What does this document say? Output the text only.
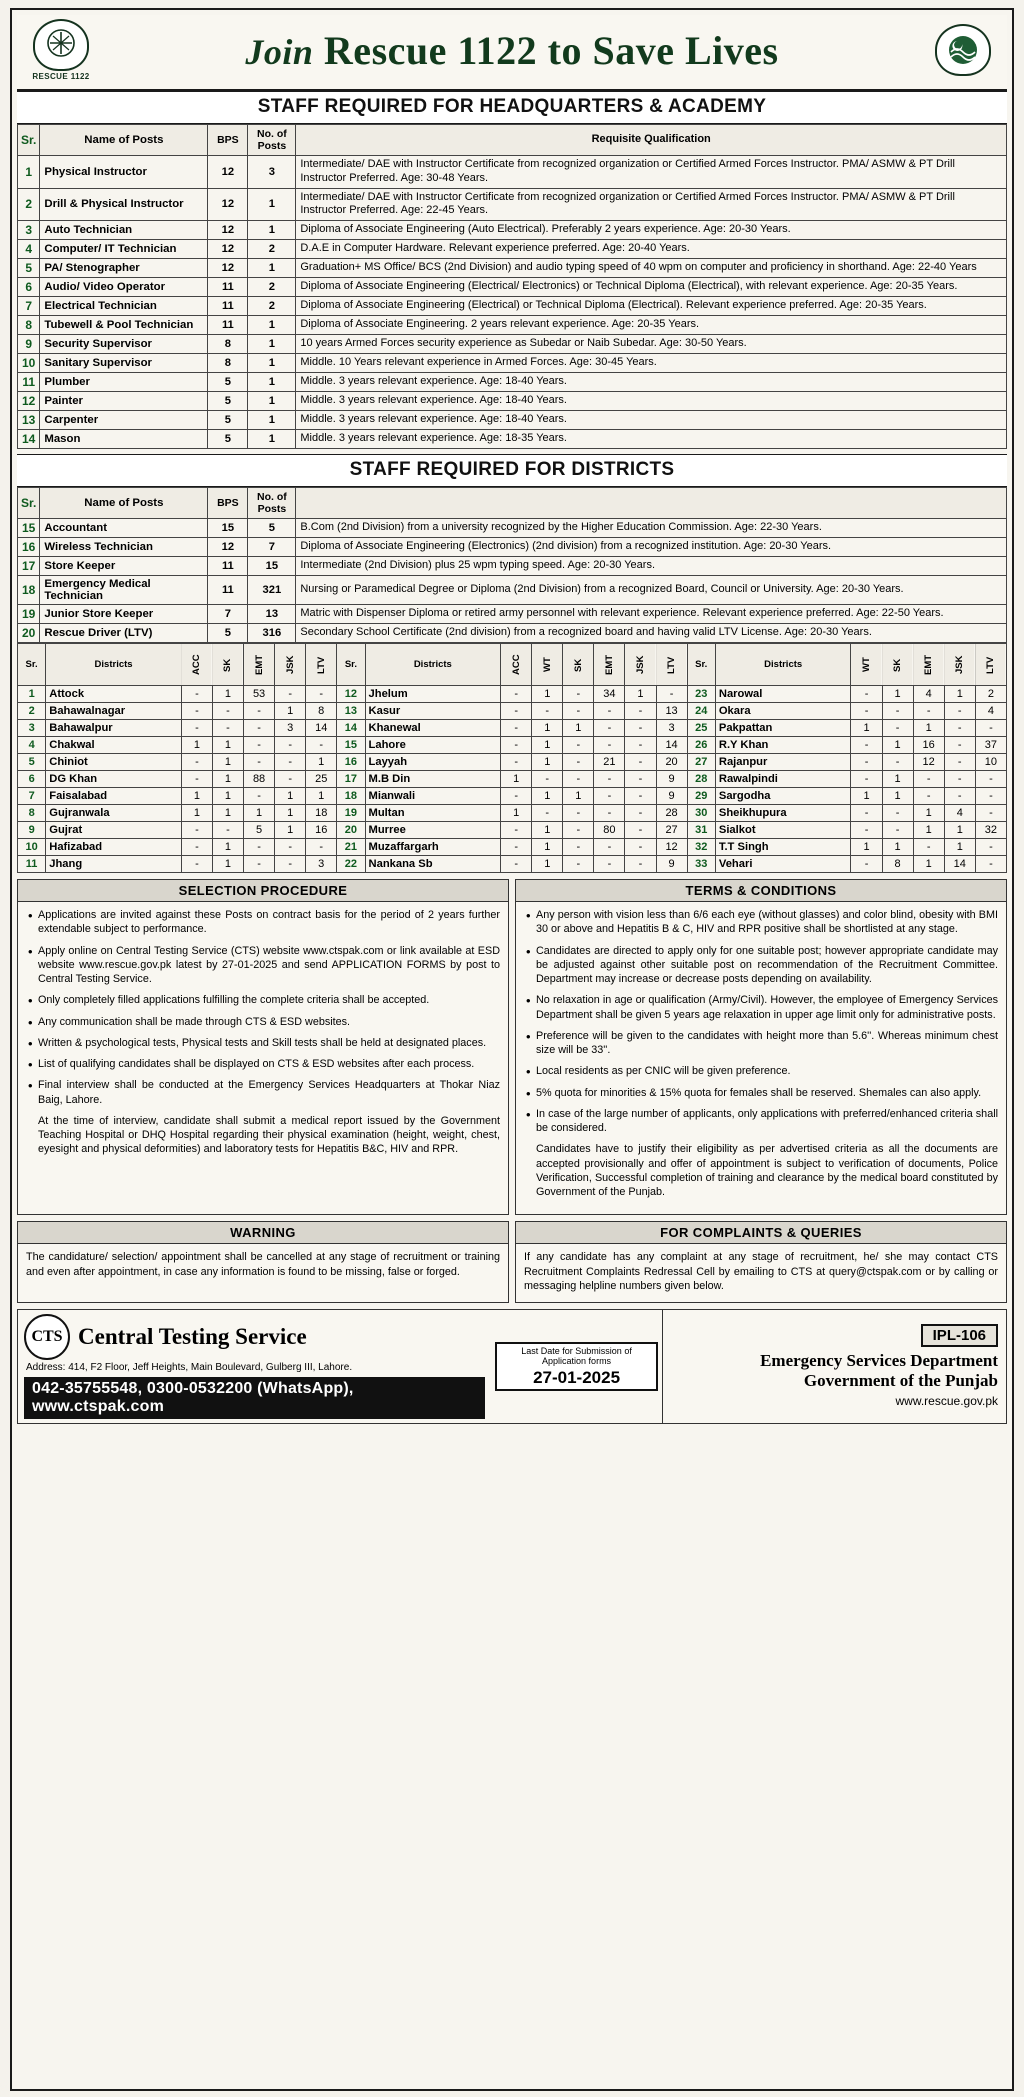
RESCUE 1122
Join Rescue 1122 to Save Lives
STAFF REQUIRED FOR HEADQUARTERS & ACADEMY
Sr.	Name of Posts	BPS	No. of Posts	Requisite Qualification
1	Physical Instructor	12	3	Intermediate/ DAE with Instructor Certificate from recognized organization or Certified Armed Forces Instructor. PMA/ ASMW & PT Drill Instructor Preferred. Age: 30-48 Years.
2	Drill & Physical Instructor	12	1	Intermediate/ DAE with Instructor Certificate from recognized organization or Certified Armed Forces Instructor. PMA/ ASMW & PT Drill Instructor Preferred. Age: 22-45 Years.
3	Auto Technician	12	1	Diploma of Associate Engineering (Auto Electrical). Preferably 2 years experience. Age: 20-30 Years.
4	Computer/ IT Technician	12	2	D.A.E in Computer Hardware. Relevant experience preferred. Age: 20-40 Years.
5	PA/ Stenographer	12	1	Graduation+ MS Office/ BCS (2nd Division) and audio typing speed of 40 wpm on computer and proficiency in shorthand. Age: 22-40 Years
6	Audio/ Video Operator	11	2	Diploma of Associate Engineering (Electrical/ Electronics) or Technical Diploma (Electrical), with relevant experience. Age: 20-35 Years.
7	Electrical Technician	11	2	Diploma of Associate Engineering (Electrical) or Technical Diploma (Electrical). Relevant experience preferred. Age: 20-35 Years.
8	Tubewell & Pool Technician	11	1	Diploma of Associate Engineering. 2 years relevant experience. Age: 20-35 Years.
9	Security Supervisor	8	1	10 years Armed Forces security experience as Subedar or Naib Subedar. Age: 30-50 Years.
10	Sanitary Supervisor	8	1	Middle. 10 Years relevant experience in Armed Forces. Age: 30-45 Years.
11	Plumber	5	1	Middle. 3 years relevant experience. Age: 18-40 Years.
12	Painter	5	1	Middle. 3 years relevant experience. Age: 18-40 Years.
13	Carpenter	5	1	Middle. 3 years relevant experience. Age: 18-40 Years.
14	Mason	5	1	Middle. 3 years relevant experience. Age: 18-35 Years.
STAFF REQUIRED FOR DISTRICTS
Sr.	Name of Posts	BPS	No. of Posts	
15	Accountant	15	5	B.Com (2nd Division) from a university recognized by the Higher Education Commission. Age: 22-30 Years.
16	Wireless Technician	12	7	Diploma of Associate Engineering (Electronics) (2nd division) from a recognized institution. Age: 20-30 Years.
17	Store Keeper	11	15	Intermediate (2nd Division) plus 25 wpm typing speed. Age: 20-30 Years.
18	Emergency Medical Technician	11	321	Nursing or Paramedical Degree or Diploma (2nd Division) from a recognized Board, Council or University. Age: 20-30 Years.
19	Junior Store Keeper	7	13	Matric with Dispenser Diploma or retired army personnel with relevant experience. Relevant experience preferred. Age: 22-50 Years.
20	Rescue Driver (LTV)	5	316	Secondary School Certificate (2nd division) from a recognized board and having valid LTV License. Age: 20-30 Years.
Sr.	Districts	ACC	SK	EMT	JSK	LTV	Sr.	Districts	ACC	WT	SK	EMT	JSK	LTV	Sr.	Districts	WT	SK	EMT	JSK	LTV
1	Attock	-	1	53	-	-	12	Jhelum	-	1	-	34	1	-	23	Narowal	-	1	4	1	2
2	Bahawalnagar	-	-	-	1	8	13	Kasur	-	-	-	-	-	13	24	Okara	-	-	-	-	4
3	Bahawalpur	-	-	-	3	14	14	Khanewal	-	1	1	-	-	3	25	Pakpattan	1	-	1	-	-
4	Chakwal	1	1	-	-	-	15	Lahore	-	1	-	-	-	14	26	R.Y Khan	-	1	16	-	37
5	Chiniot	-	1	-	-	1	16	Layyah	-	1	-	21	-	20	27	Rajanpur	-	-	12	-	10
6	DG Khan	-	1	88	-	25	17	M.B Din	1	-	-	-	-	9	28	Rawalpindi	-	1	-	-	-
7	Faisalabad	1	1	-	1	1	18	Mianwali	-	1	1	-	-	9	29	Sargodha	1	1	-	-	-
8	Gujranwala	1	1	1	1	18	19	Multan	1	-	-	-	-	28	30	Sheikhupura	-	-	1	4	-
9	Gujrat	-	-	5	1	16	20	Murree	-	1	-	80	-	27	31	Sialkot	-	-	1	1	32
10	Hafizabad	-	1	-	-	-	21	Muzaffargarh	-	1	-	-	-	12	32	T.T Singh	1	1	-	1	-
11	Jhang	-	1	-	-	3	22	Nankana Sb	-	1	-	-	-	9	33	Vehari	-	8	1	14	-
SELECTION PROCEDURE
• Applications are invited against these Posts on contract basis for the period of 2 years further extendable subject to performance.
• Apply online on Central Testing Service (CTS) website www.ctspak.com or link available at ESD website www.rescue.gov.pk latest by 27-01-2025 and send APPLICATION FORMS by post to Central Testing Service.
• Only completely filled applications fulfilling the complete criteria shall be accepted.
• Any communication shall be made through CTS & ESD websites.
• Written & psychological tests, Physical tests and Skill tests shall be held at designated places.
• List of qualifying candidates shall be displayed on CTS & ESD websites after each process.
• Final interview shall be conducted at the Emergency Services Headquarters at Thokar Niaz Baig, Lahore.
At the time of interview, candidate shall submit a medical report issued by the Government Teaching Hospital or DHQ Hospital regarding their physical examination (height, weight, chest, eyesight and physical deformities) and laboratory tests for Hepatitis B&C, HIV and RPR.
TERMS & CONDITIONS
• Any person with vision less than 6/6 each eye (without glasses) and color blind, obesity with BMI 30 or above and Hepatitis B & C, HIV and RPR positive shall be shortlisted at any stage.
• Candidates are directed to apply only for one suitable post; however appropriate candidate may be adjusted against other suitable post on recommendation of the Recruitment Committee. Department may increase or decrease posts depending on availability.
• No relaxation in age or qualification (Army/Civil). However, the employee of Emergency Services Department shall be given 5 years age relaxation in upper age limit only for administrative posts.
• Preference will be given to the candidates with height more than 5.6''. Whereas minimum chest size will be 33''.
• Local residents as per CNIC will be given preference.
• 5% quota for minorities & 15% quota for females shall be reserved. Shemales can also apply.
• In case of the large number of applicants, only applications with preferred/enhanced criteria shall be considered.
Candidates have to justify their eligibility as per advertised criteria as all the documents are accepted provisionally and offer of appointment is subject to verification of documents, Police Verification, Successful completion of training and clearance by the medical board constituted by Government of the Punjab.
WARNING
The candidature/ selection/ appointment shall be cancelled at any stage of recruitment or training and even after appointment, in case any information is found to be missing, false or forged.
FOR COMPLAINTS & QUERIES
If any candidate has any complaint at any stage of recruitment, he/ she may contact CTS Recruitment Complaints Redressal Cell by emailing to CTS at query@ctspak.com or by calling or messaging helpline numbers given below.
CTS Central Testing Service
Address: 414, F2 Floor, Jeff Heights, Main Boulevard, Gulberg III, Lahore.
042-35755548, 0300-0532200 (WhatsApp), www.ctspak.com
Last Date for Submission of Application forms
27-01-2025
IPL-106
Emergency Services Department
Government of the Punjab
www.rescue.gov.pk
